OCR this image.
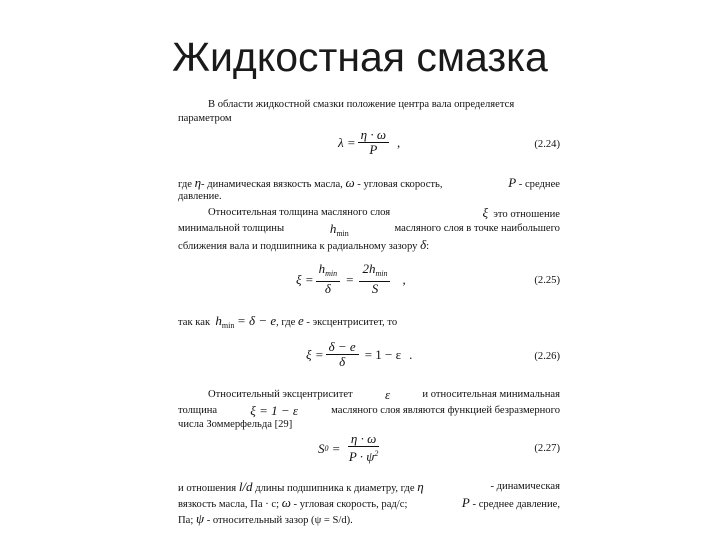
Жидкостная смазка
В области жидкостной смазки положение центра вала определяется
параметром
$\lambda = \frac{\eta \cdot \omega}{P}$ ,	(2.24)
где η- динамическая вязкость масла, ω - угловая скорость,	P - среднее
давление.
Относительная толщина масляного слоя	ξ это отношение
минимальной толщины	$h_{min}$	масляного слоя в точке наибольшего
сближения вала и подшипника к радиальному зазору δ:
$\xi = \frac{h_{min}}{\delta} = \frac{2h_{min}}{S}$ ,	(2.25)
так как $h_{min} = \delta - e$, где e - эксцентриситет, то
$\xi = \frac{\delta - e}{\delta} = 1 - \varepsilon$ .	(2.26)
Относительный эксцентриситет ε	и относительная минимальная
толщина	ξ = 1 − ε	масляного слоя являются функцией безразмерного
числа Зоммерфельда [29]
S $0 = \frac{\eta \cdot \omega}{P \cdot \psi^2}$	(2.27)
и отношения l/d длины подшипника к диаметру, где η	- динамическая
вязкость масла, Па · с; ω - угловая скорость, рад/с;	P - среднее давление,
Па; ψ - относительный зазор (ψ = S/d).
